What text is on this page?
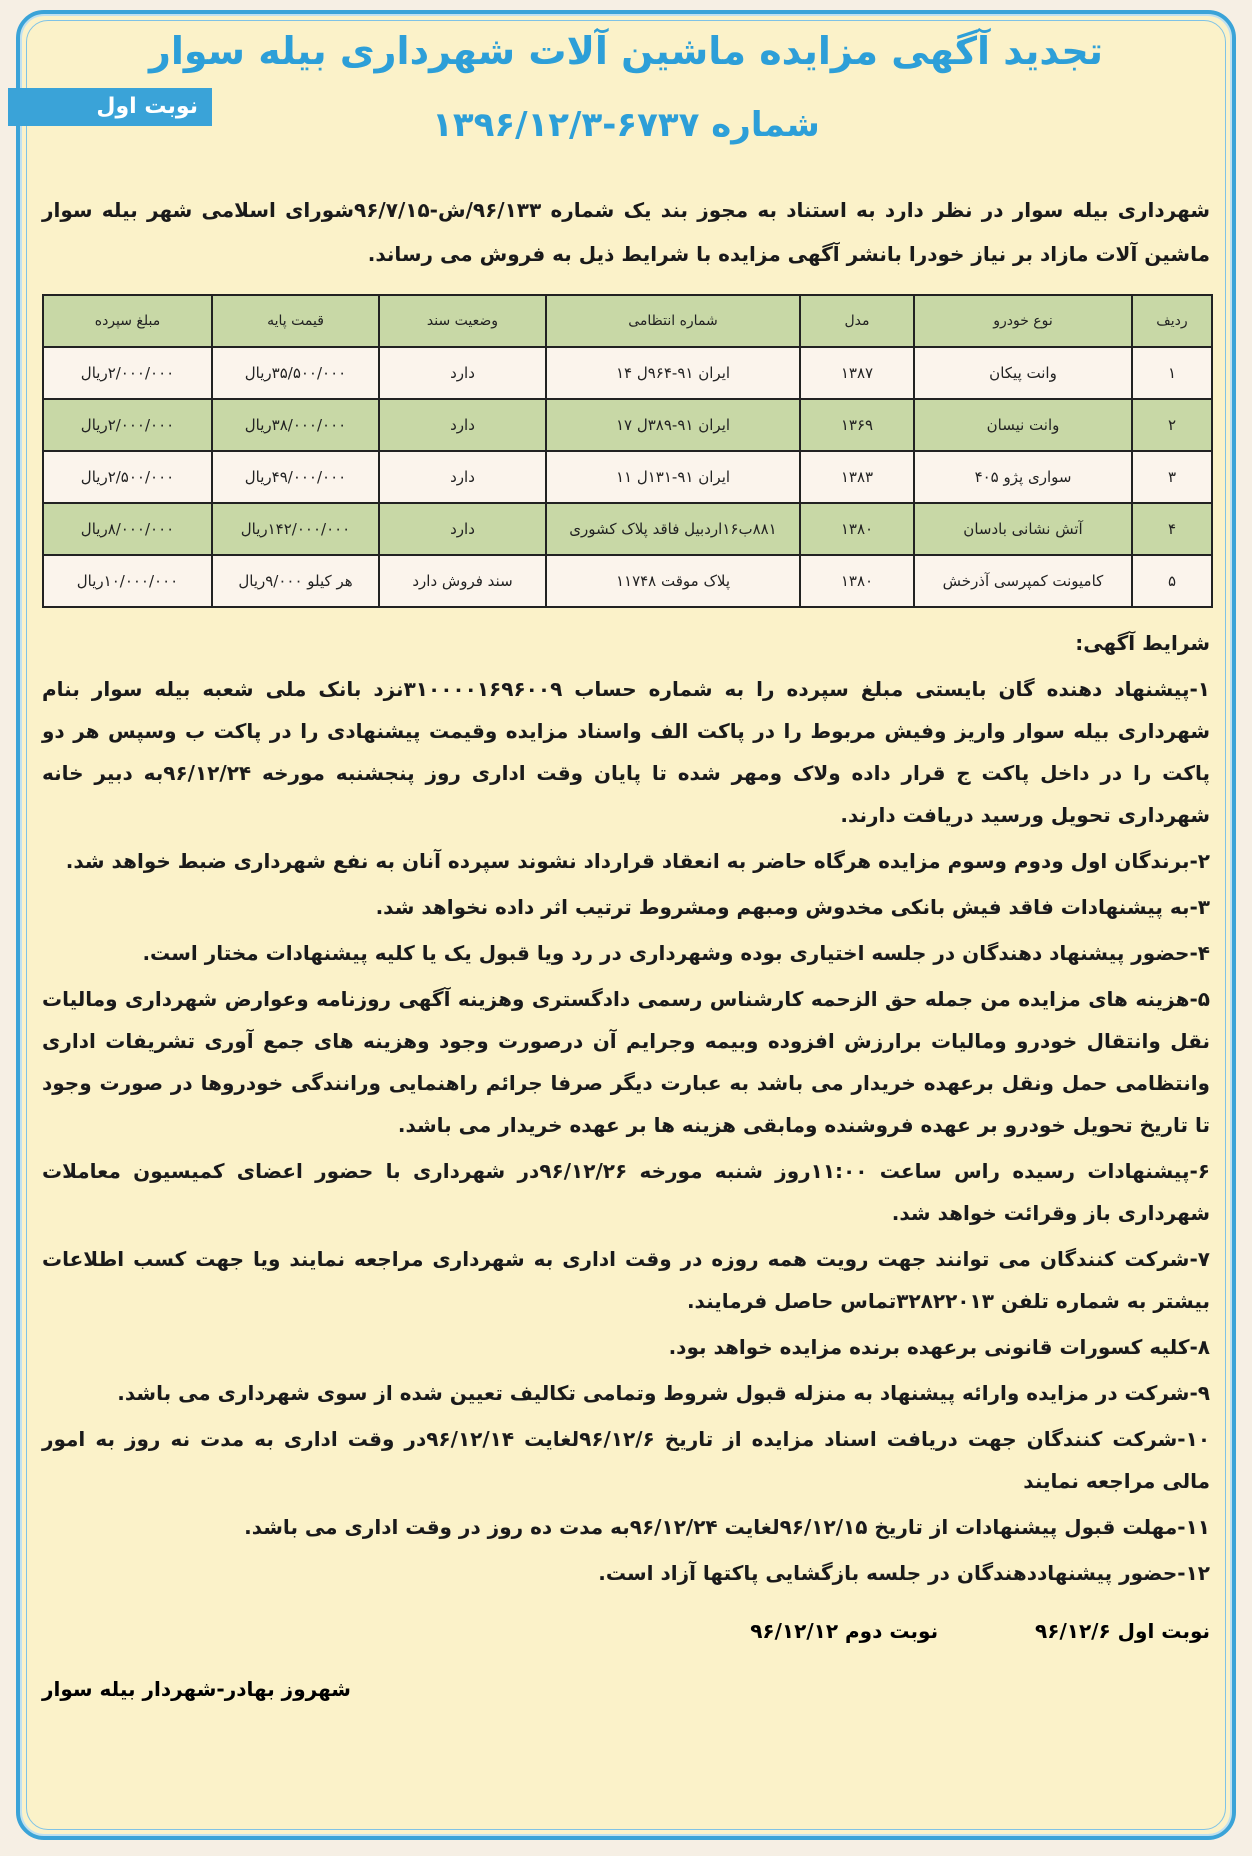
تجدید آگهی مزایده ماشین آلات شهرداری بیله سوار
نوبت اول	شماره ۶۷۳۷-۱۳۹۶/۱۲/۳
شهرداری بیله سوار در نظر دارد به استناد به مجوز بند یک شماره ۹۶/۱۳۳/ش-۹۶/۷/۱۵شورای اسلامی شهر بیله سوار ماشین آلات مازاد بر نیاز خودرا بانشر آگهی مزایده با شرایط ذیل به فروش می رساند.
ردیف	نوع خودرو	مدل	شماره انتظامی	وضعیت سند	قیمت پایه	مبلغ سپرده
۱	وانت پیکان	۱۳۸۷	ایران ۹۱-۹۶۴ل ۱۴	دارد	۳۵/۵۰۰/۰۰۰ریال	۲/۰۰۰/۰۰۰ریال
۲	وانت نیسان	۱۳۶۹	ایران ۹۱-۳۸۹ل ۱۷	دارد	۳۸/۰۰۰/۰۰۰ریال	۲/۰۰۰/۰۰۰ریال
۳	سواری پژو ۴۰۵	۱۳۸۳	ایران ۹۱-۱۳۱ل ۱۱	دارد	۴۹/۰۰۰/۰۰۰ریال	۲/۵۰۰/۰۰۰ریال
۴	آتش نشانی بادسان	۱۳۸۰	۸۸۱ب۱۶اردبیل فاقد پلاک کشوری	دارد	۱۴۲/۰۰۰/۰۰۰ریال	۸/۰۰۰/۰۰۰ریال
۵	کامیونت کمپرسی آذرخش	۱۳۸۰	پلاک موقت ۱۱۷۴۸	سند فروش دارد	هر کیلو ۹/۰۰۰ریال	۱۰/۰۰۰/۰۰۰ریال

شرایط آگهی:

۱-پیشنهاد دهنده گان بایستی مبلغ سپرده را به شماره حساب ۳۱۰۰۰۰۱۶۹۶۰۰۹نزد بانک ملی شعبه بیله سوار بنام شهرداری بیله سوار واریز وفیش مربوط را در پاکت الف واسناد مزایده وقیمت پیشنهادی را در پاکت ب وسپس هر دو پاکت را در داخل پاکت ج قرار داده ولاک ومهر شده تا پایان وقت اداری روز پنجشنبه مورخه ۹۶/۱۲/۲۴به دبیر خانه شهرداری تحویل ورسید دریافت دارند.

۲-برندگان اول ودوم وسوم مزایده هرگاه حاضر به انعقاد قرارداد نشوند سپرده آنان به نفع شهرداری ضبط خواهد شد.

۳-به پیشنهادات فاقد فیش بانکی مخدوش ومبهم ومشروط ترتیب اثر داده نخواهد شد.

۴-حضور پیشنهاد دهندگان در جلسه اختیاری بوده وشهرداری در رد ویا قبول یک یا کلیه پیشنهادات مختار است.

۵-هزینه های مزایده من جمله حق الزحمه کارشناس رسمی دادگستری وهزینه آگهی روزنامه وعوارض شهرداری ومالیات نقل وانتقال خودرو ومالیات برارزش افزوده وبیمه وجرایم آن درصورت وجود وهزینه های جمع آوری تشریفات اداری وانتظامی حمل ونقل برعهده خریدار می باشد به عبارت دیگر صرفا جرائم راهنمایی ورانندگی خودروها در صورت وجود تا تاریخ تحویل خودرو بر عهده فروشنده ومابقی هزینه ها بر عهده خریدار می باشد.

۶-پیشنهادات رسیده راس ساعت ۱۱:۰۰روز شنبه مورخه ۹۶/۱۲/۲۶در شهرداری با حضور اعضای کمیسیون معاملات شهرداری باز وقرائت خواهد شد.

۷-شرکت کنندگان می توانند جهت رویت همه روزه در وقت اداری به شهرداری مراجعه نمایند ویا جهت کسب اطلاعات بیشتر به شماره تلفن ۳۲۸۲۲۰۱۳تماس حاصل فرمایند.

۸-کلیه کسورات قانونی برعهده برنده مزایده خواهد بود.

۹-شرکت در مزایده وارائه پیشنهاد به منزله قبول شروط وتمامی تکالیف تعیین شده از سوی شهرداری می باشد.

۱۰-شرکت کنندگان جهت دریافت اسناد مزایده از تاریخ ۹۶/۱۲/۶لغایت ۹۶/۱۲/۱۴در وقت اداری به مدت نه روز به امور مالی مراجعه نمایند

۱۱-مهلت قبول پیشنهادات از تاریخ ۹۶/۱۲/۱۵لغایت ۹۶/۱۲/۲۴به مدت ده روز در وقت اداری می باشد.

۱۲-حضور پیشنهاددهندگان در جلسه بازگشایی پاکتها آزاد است.

نوبت اول ۹۶/۱۲/۶ نوبت دوم ۹۶/۱۲/۱۲
شهروز بهادر-شهردار بیله سوار
